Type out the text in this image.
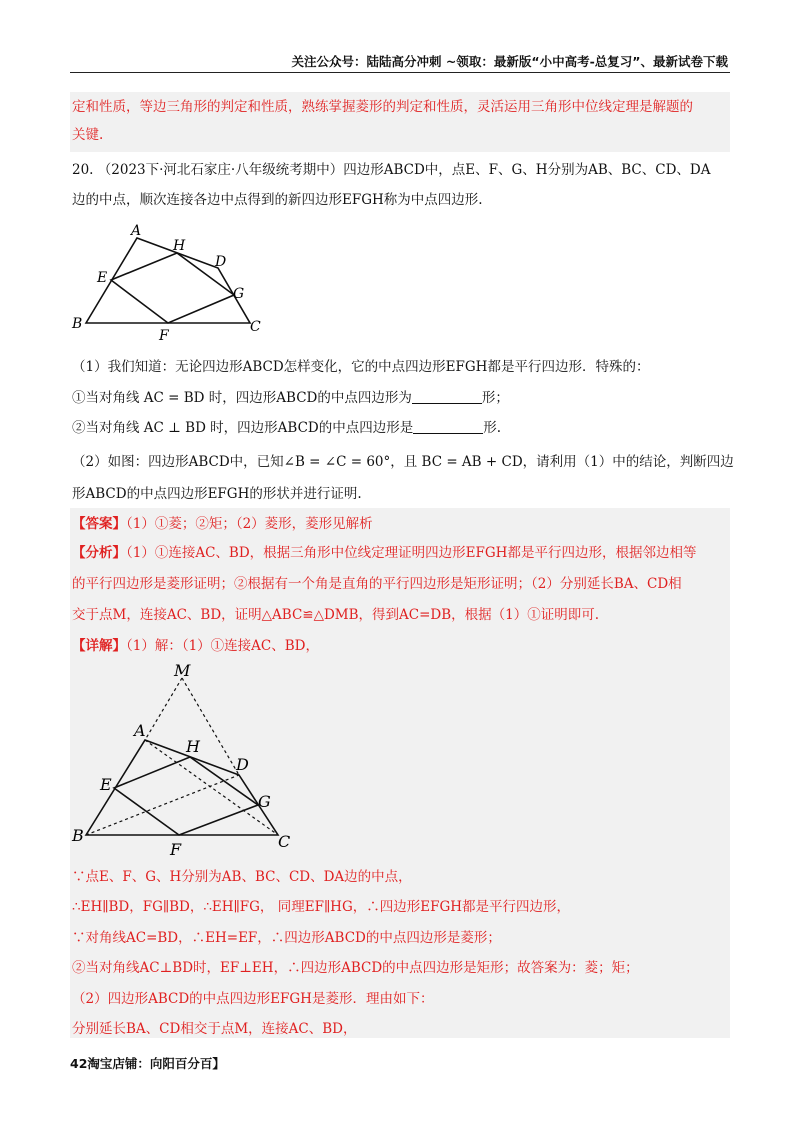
关注公众号：陆陆高分冲刺 ~领取：最新版“小中高考-总复习”、最新试卷下载
定和性质，等边三角形的判定和性质，熟练掌握菱形的判定和性质，灵活运用三角形中位线定理是解题的
关键.
20. （2023下·河北石家庄·八年级统考期中）四边形ABCD中，点E、F、G、H分别为AB、BC、CD、DA
边的中点，顺次连接各边中点得到的新四边形EFGH称为中点四边形.
A
H
D
E
G
B
F
C
（1）我们知道：无论四边形ABCD怎样变化，它的中点四边形EFGH都是平行四边形．特殊的：
①当对角线 AC = BD 时，四边形ABCD的中点四边形为	形；
②当对角线 AC ⊥ BD 时，四边形ABCD的中点四边形是	形.
（2）如图：四边形ABCD中，已知∠B = ∠C = 60°，且 BC = AB + CD，请利用（1）中的结论，判断四边
形ABCD的中点四边形EFGH的形状并进行证明.
【答案】（1）①菱；②矩；（2）菱形，菱形见解析
【分析】（1）①连接AC、BD，根据三角形中位线定理证明四边形EFGH都是平行四边形，根据邻边相等
的平行四边形是菱形证明；②根据有一个角是直角的平行四边形是矩形证明；（2）分别延长BA、CD相
交于点M，连接AC、BD，证明△ABC≌△DMB，得到AC=DB，根据（1）①证明即可.
【详解】（1）解：（1）①连接AC、BD，
M
A
H
D
E
G
B
F	C
∵点E、F、G、H分别为AB、BC、CD、DA边的中点，
∴EH∥BD，FG∥BD，∴EH∥FG， 同理EF∥HG，∴四边形EFGH都是平行四边形，
∵对角线AC=BD，∴EH=EF，∴四边形ABCD的中点四边形是菱形；
②当对角线AC⊥BD时，EF⊥EH，∴四边形ABCD的中点四边形是矩形；故答案为：菱；矩；
（2）四边形ABCD的中点四边形EFGH是菱形．理由如下：
分别延长BA、CD相交于点M，连接AC、BD，
42淘宝店铺：向阳百分百】
